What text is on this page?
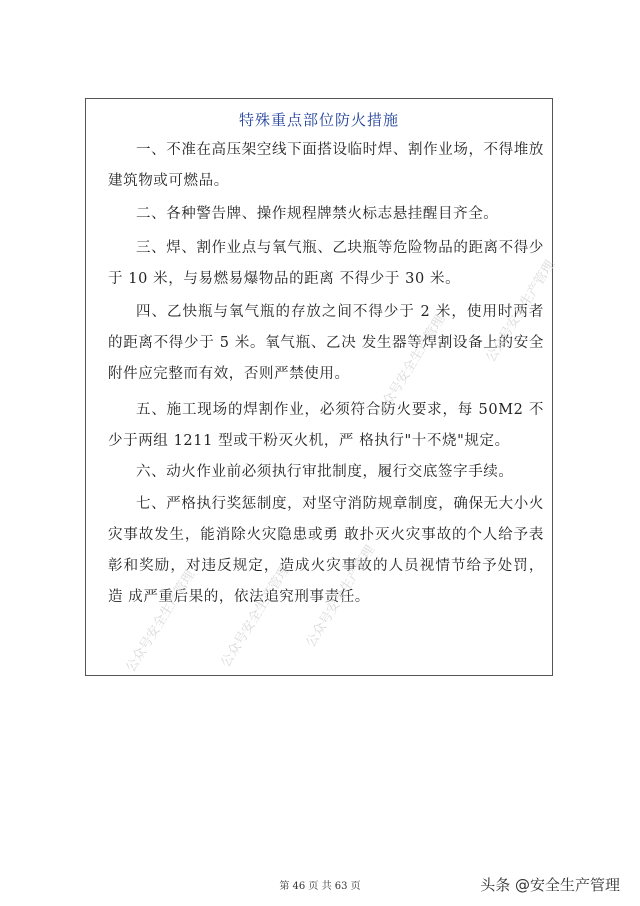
特殊重点部位防火措施

一、不准在高压架空线下面搭设临时焊、割作业场，不得堆放建筑物或可燃品。

二、各种警告牌、操作规程牌禁火标志悬挂醒目齐全。

三、焊、割作业点与氧气瓶、乙块瓶等危险物品的距离不得少于 10 米，与易燃易爆物品的距离 不得少于 30 米。

四、乙快瓶与氧气瓶的存放之间不得少于 2 米，使用时两者的距离不得少于 5 米。氧气瓶、乙决 发生器等焊割设备上的安全附件应完整而有效，否则严禁使用。

五、施工现场的焊割作业，必须符合防火要求，每 50M2 不少于两组 1211 型或干粉灭火机，严 格执行"十不烧"规定。

六、动火作业前必须执行审批制度，履行交底签字手续。

七、严格执行奖惩制度，对坚守消防规章制度，确保无大小火灾事故发生，能消除火灾隐患或勇 敢扑灭火灾事故的个人给予表彰和奖励，对违反规定，造成火灾事故的人员视情节给予处罚，造 成严重后果的，依法追究刑事责任。

公众号安全生产管理 公众号安全生产管理 公众号安全生产管理
公众号安全生产管理
公众号安全生产管理
第 46 页 共 63 页	头条 @安全生产管理
